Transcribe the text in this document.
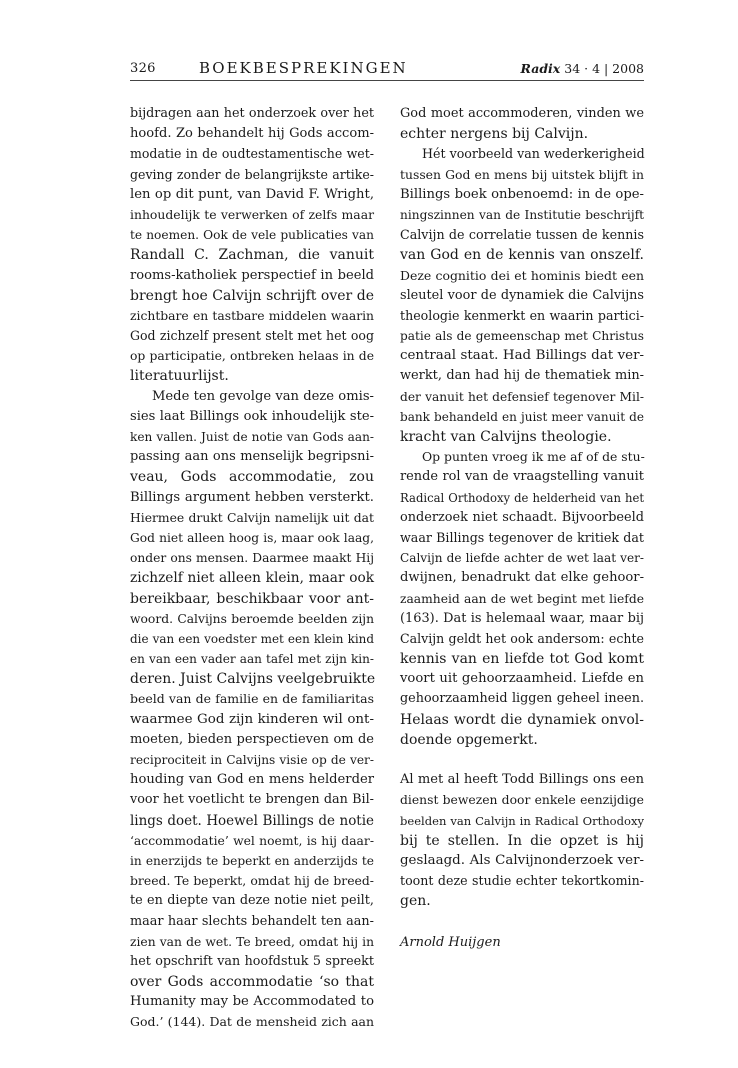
326	BOEKBESPREKINGEN	Radix 34 · 4 | 2008
bijdragen aan het onderzoek over het
hoofd. Zo behandelt hij Gods accom-
modatie in de oudtestamentische wet-
geving zonder de belangrijkste artike-
len op dit punt, van David F. Wright,
inhoudelijk te verwerken of zelfs maar
te noemen. Ook de vele publicaties van
Randall C. Zachman, die vanuit
rooms-katholiek perspectief in beeld
brengt hoe Calvijn schrijft over de
zichtbare en tastbare middelen waarin
God zichzelf present stelt met het oog
op participatie, ontbreken helaas in de
literatuurlijst.
Mede ten gevolge van deze omis-
sies laat Billings ook inhoudelijk ste-
ken vallen. Juist de notie van Gods aan-
passing aan ons menselijk begripsni-
veau, Gods accommodatie, zou
Billings argument hebben versterkt.
Hiermee drukt Calvijn namelijk uit dat
God niet alleen hoog is, maar ook laag,
onder ons mensen. Daarmee maakt Hij
zichzelf niet alleen klein, maar ook
bereikbaar, beschikbaar voor ant-
woord. Calvijns beroemde beelden zijn
die van een voedster met een klein kind
en van een vader aan tafel met zijn kin-
deren. Juist Calvijns veelgebruikte
beeld van de familie en de familiaritas
waarmee God zijn kinderen wil ont-
moeten, bieden perspectieven om de
reciprociteit in Calvijns visie op de ver-
houding van God en mens helderder
voor het voetlicht te brengen dan Bil-
lings doet. Hoewel Billings de notie
‘accommodatie’ wel noemt, is hij daar-
in enerzijds te beperkt en anderzijds te
breed. Te beperkt, omdat hij de breed-
te en diepte van deze notie niet peilt,
maar haar slechts behandelt ten aan-
zien van de wet. Te breed, omdat hij in
het opschrift van hoofdstuk 5 spreekt
over Gods accommodatie ‘so that
Humanity may be Accommodated to
God.’ (144). Dat de mensheid zich aan
God moet accommoderen, vinden we
echter nergens bij Calvijn.
Hét voorbeeld van wederkerigheid
tussen God en mens bij uitstek blijft in
Billings boek onbenoemd: in de ope-
ningszinnen van de Institutie beschrijft
Calvijn de correlatie tussen de kennis
van God en de kennis van onszelf.
Deze cognitio dei et hominis biedt een
sleutel voor de dynamiek die Calvijns
theologie kenmerkt en waarin partici-
patie als de gemeenschap met Christus
centraal staat. Had Billings dat ver-
werkt, dan had hij de thematiek min-
der vanuit het defensief tegenover Mil-
bank behandeld en juist meer vanuit de
kracht van Calvijns theologie.
Op punten vroeg ik me af of de stu-
rende rol van de vraagstelling vanuit
Radical Orthodoxy de helderheid van het
onderzoek niet schaadt. Bijvoorbeeld
waar Billings tegenover de kritiek dat
Calvijn de liefde achter de wet laat ver-
dwijnen, benadrukt dat elke gehoor-
zaamheid aan de wet begint met liefde
(163). Dat is helemaal waar, maar bij
Calvijn geldt het ook andersom: echte
kennis van en liefde tot God komt
voort uit gehoorzaamheid. Liefde en
gehoorzaamheid liggen geheel ineen.
Helaas wordt die dynamiek onvol-
doende opgemerkt.
Al met al heeft Todd Billings ons een
dienst bewezen door enkele eenzijdige
beelden van Calvijn in Radical Orthodoxy
bij te stellen. In die opzet is hij
geslaagd. Als Calvijnonderzoek ver-
toont deze studie echter tekortkomin-
gen.
Arnold Huijgen
